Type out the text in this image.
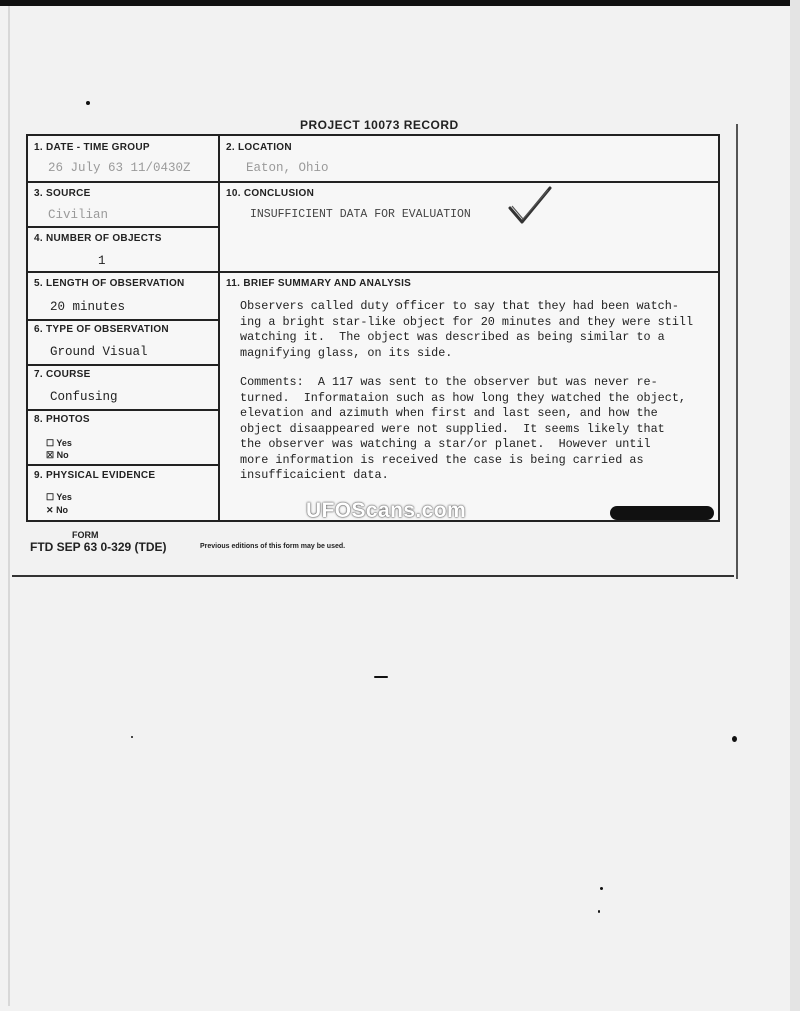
PROJECT 10073 RECORD
1. DATE - TIME GROUP
26 July 63 11/0430Z
2. LOCATION
Eaton, Ohio
3. SOURCE
Civilian
10. CONCLUSION
INSUFFICIENT DATA FOR EVALUATION
4. NUMBER OF OBJECTS
1
5. LENGTH OF OBSERVATION
20 minutes
6. TYPE OF OBSERVATION
Ground Visual
7. COURSE
Confusing
8. PHOTOS
☐ Yes
☒ No
9. PHYSICAL EVIDENCE
☐ Yes
✕ No
11. BRIEF SUMMARY AND ANALYSIS

Observers called duty officer to say that they had been watch-
ing a bright star-like object for 20 minutes and they were still
watching it.  The object was described as being similar to a
magnifying glass, on its side.

Comments:  A 117 was sent to the observer but was never re-
turned.  Informataion such as how long they watched the object,
elevation and azimuth when first and last seen, and how the
object disaappeared were not supplied.  It seems likely that
the observer was watching a star/or planet.  However until
more information is received the case is being carried as
insufficaicient data.

UFOScans.com
FORM
FTD SEP 63 0-329 (TDE)	Previous editions of this form may be used.
